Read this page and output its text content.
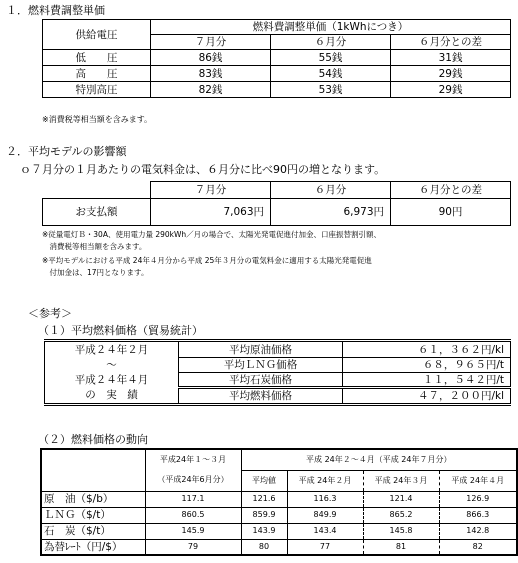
１．燃料費調整単価
供給電圧	燃料費調整単価（1kWhにつき）		
	７月分	６月分	６月分との差
低　　圧	86銭	55銭	31銭
高　　圧	83銭	54銭	29銭
特別高圧	82銭	53銭	29銭
※消費税等相当額を含みます。
２．平均モデルの影響額
ｏ７月分の１月あたりの電気料金は、６月分に比べ90円の増となります。
	７月分	６月分	６月分との差
お支払額	7,063円	6,973円	90円
※従量電灯Ｂ・30A、使用電力量 290kWh／月の場合で、太陽光発電促進付加金、口座振替割引額、
　消費税等相当額を含みます。
※平均モデルにおける平成 24年４月分から平成 25年３月分の電気料金に適用する太陽光発電促進
　付加金は、17円となります。
＜参考＞
（１）平均燃料価格（貿易統計）
平成２４年２月	平均原油価格	６１，３６２円/kl
～	平均ＬＮＧ価格	６８，９６５円/t
平成２４年４月	平均石炭価格	１１，５４２円/t
の　実　績	平均燃料価格	４７，２００円/kl
（２）燃料価格の動向
	平成24年１～３月	平成 24年２～４月（平成 24年７月分）			
	（平成24年6月分）	平均値	平成 24年２月	平成 24年３月	平成 24年４月
原　油（$/b）	117.1	121.6	116.3	121.4	126.9
ＬＮＧ（$/t）	860.5	859.9	849.9	865.2	866.3
石　炭（$/t）	145.9	143.9	143.4	145.8	142.8
為替ﾚｰﾄ（円/$）	79	80	77	81	82
